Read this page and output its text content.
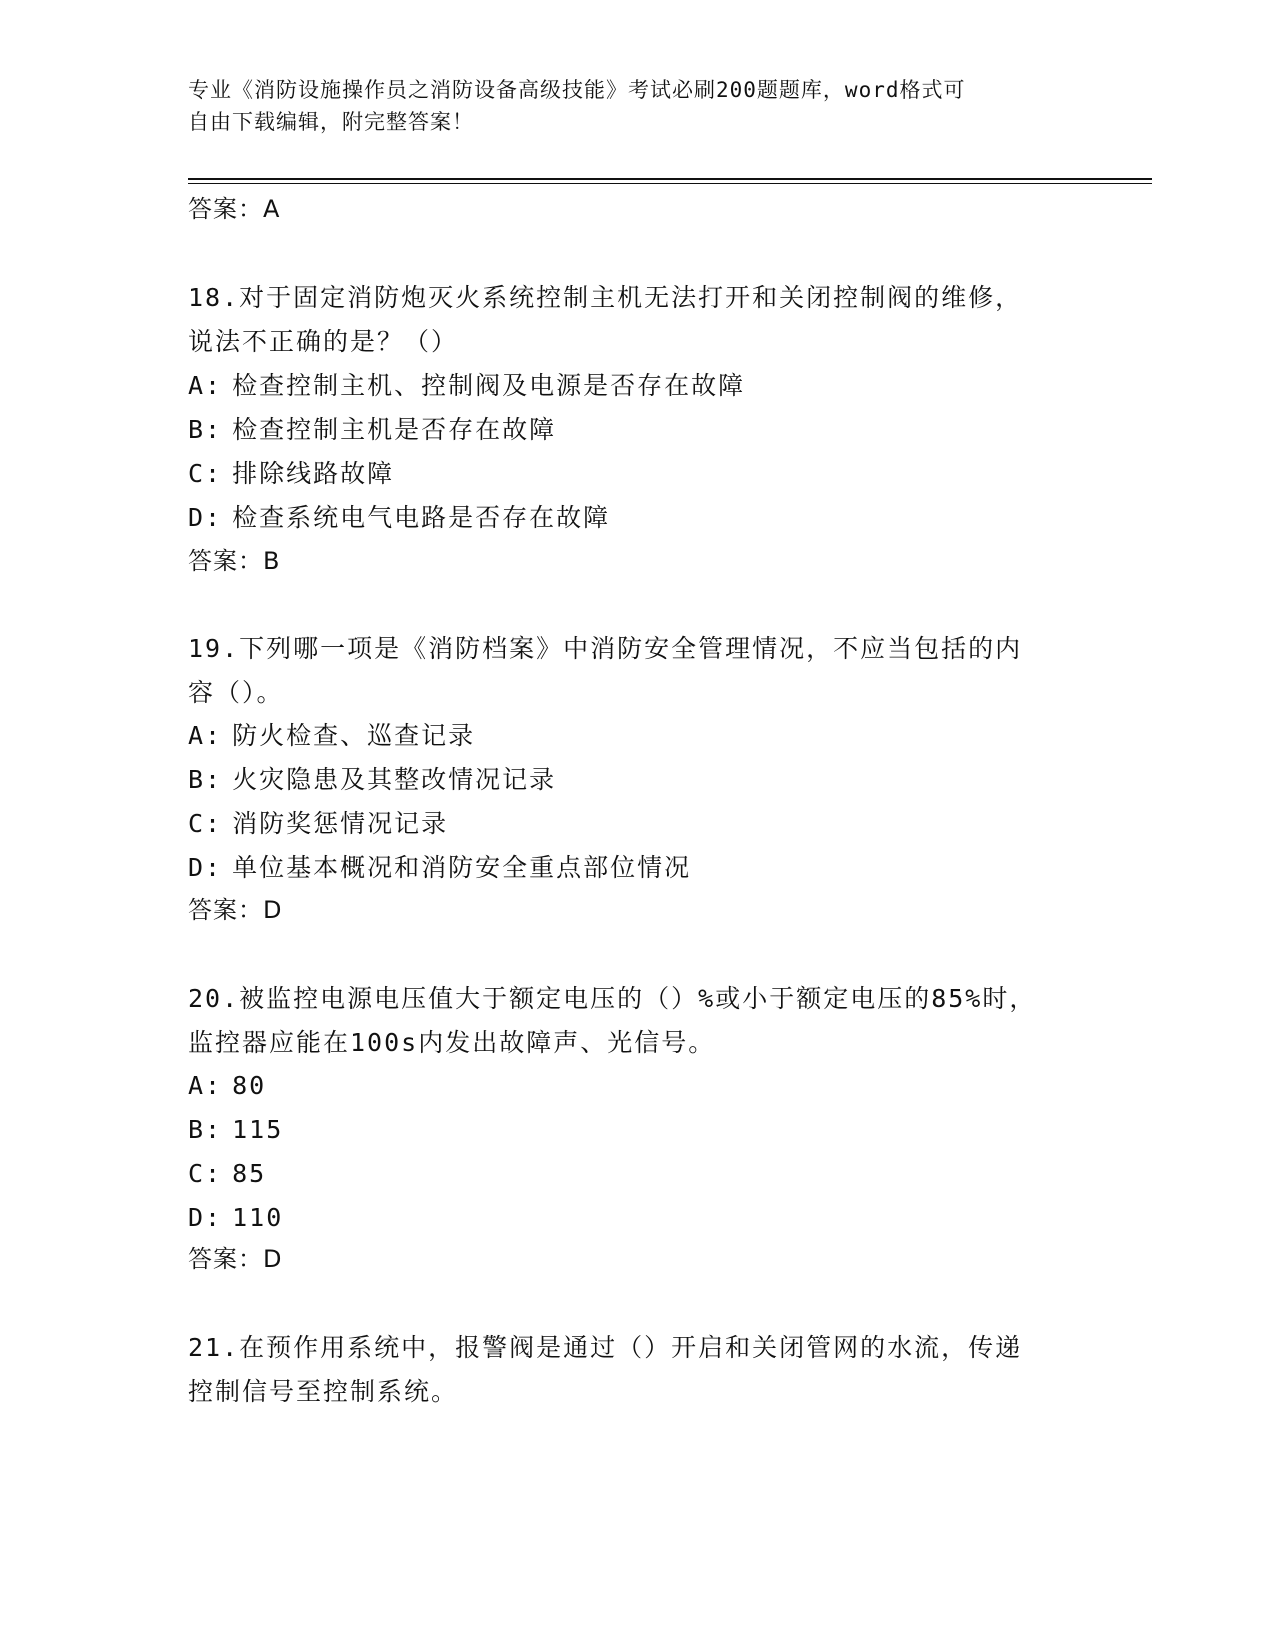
专业《消防设施操作员之消防设备高级技能》考试必刷200题题库，word格式可
自由下载编辑，附完整答案！
答案：A
18.对于固定消防炮灭火系统控制主机无法打开和关闭控制阀的维修，
说法不正确的是？（）
A: 检查控制主机、控制阀及电源是否存在故障
B: 检查控制主机是否存在故障
C: 排除线路故障
D: 检查系统电气电路是否存在故障
答案：B
19.下列哪一项是《消防档案》中消防安全管理情况，不应当包括的内
容（）。
A: 防火检查、巡查记录
B: 火灾隐患及其整改情况记录
C: 消防奖惩情况记录
D: 单位基本概况和消防安全重点部位情况
答案：D
20.被监控电源电压值大于额定电压的（）%或小于额定电压的85%时，
监控器应能在100s内发出故障声、光信号。
A: 80
B: 115
C: 85
D: 110
答案：D
21.在预作用系统中，报警阀是通过（）开启和关闭管网的水流，传递
控制信号至控制系统。
